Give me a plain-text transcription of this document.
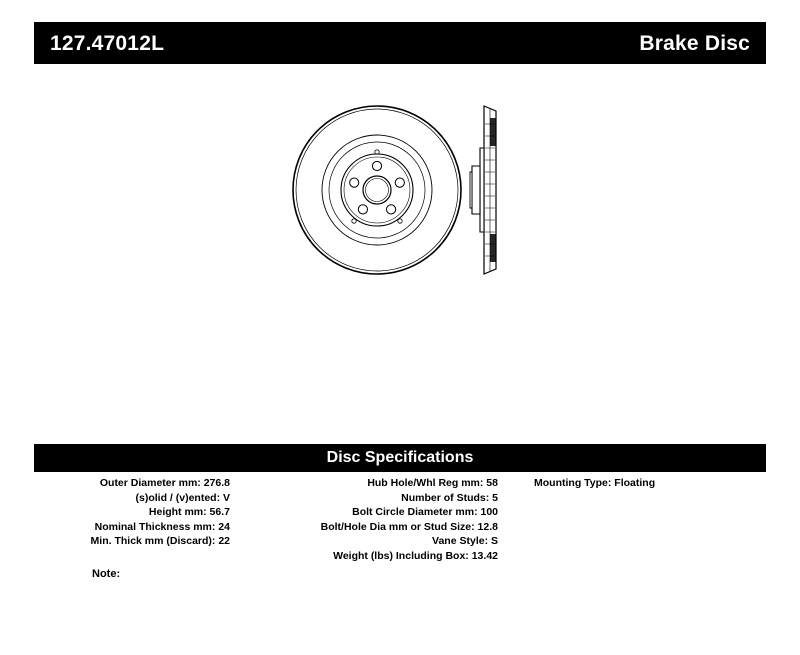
127.47012L	Brake Disc
Disc Specifications
Outer Diameter mm: 276.8
(s)olid / (v)ented: V
Height mm: 56.7
Nominal Thickness mm: 24
Min. Thick mm (Discard): 22
Hub Hole/Whl Reg mm: 58
Number of Studs: 5
Bolt Circle Diameter mm: 100
Bolt/Hole Dia mm or Stud Size: 12.8
Vane Style: S
Weight (lbs) Including Box: 13.42
Mounting Type: Floating
Note:
